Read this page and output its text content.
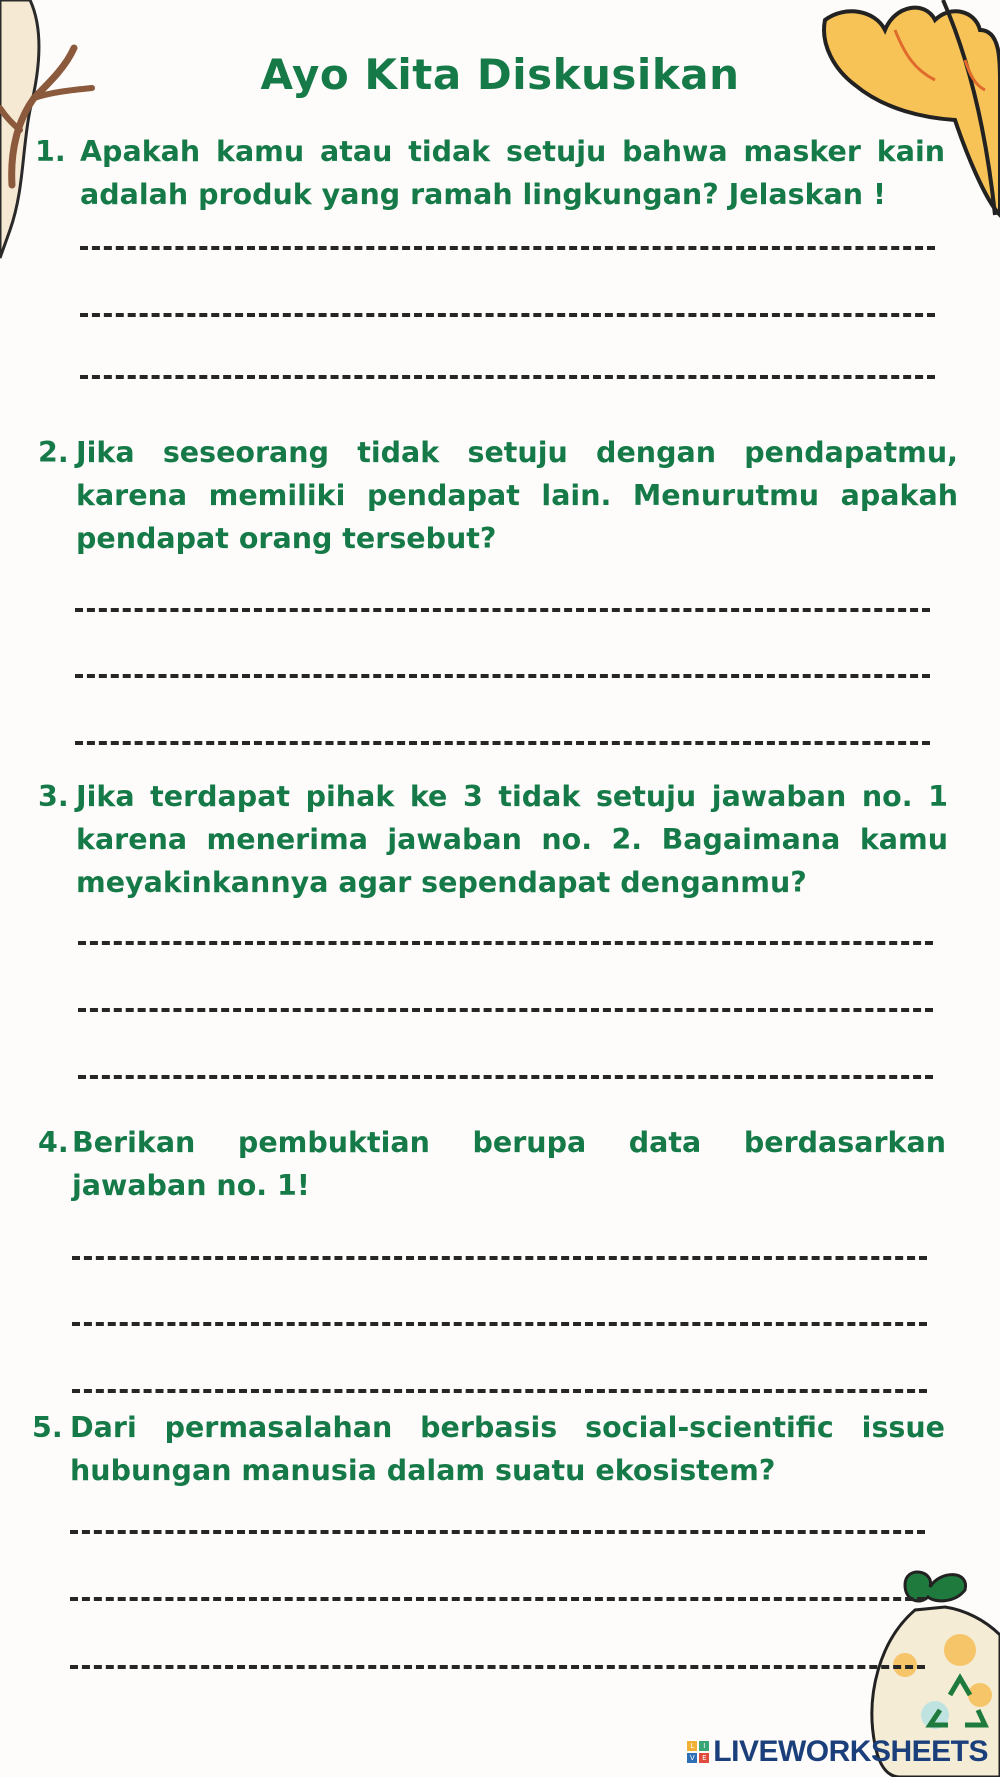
Ayo Kita Diskusikan
1. Apakah kamu atau tidak setuju bahwa masker kain adalah produk yang ramah lingkungan? Jelaskan !
2. Jika seseorang tidak setuju dengan pendapatmu, karena memiliki pendapat lain. Menurutmu apakah pendapat orang tersebut?
3. Jika terdapat pihak ke 3 tidak setuju jawaban no. 1 karena menerima jawaban no. 2. Bagaimana kamu meyakinkannya agar sependapat denganmu?
4. Berikan pembuktian berupa data berdasarkan jawaban no. 1!
5. Dari permasalahan berbasis social-scientific issue hubungan manusia dalam suatu ekosistem?
L	I
V	E LIVEWORKSHEETS
